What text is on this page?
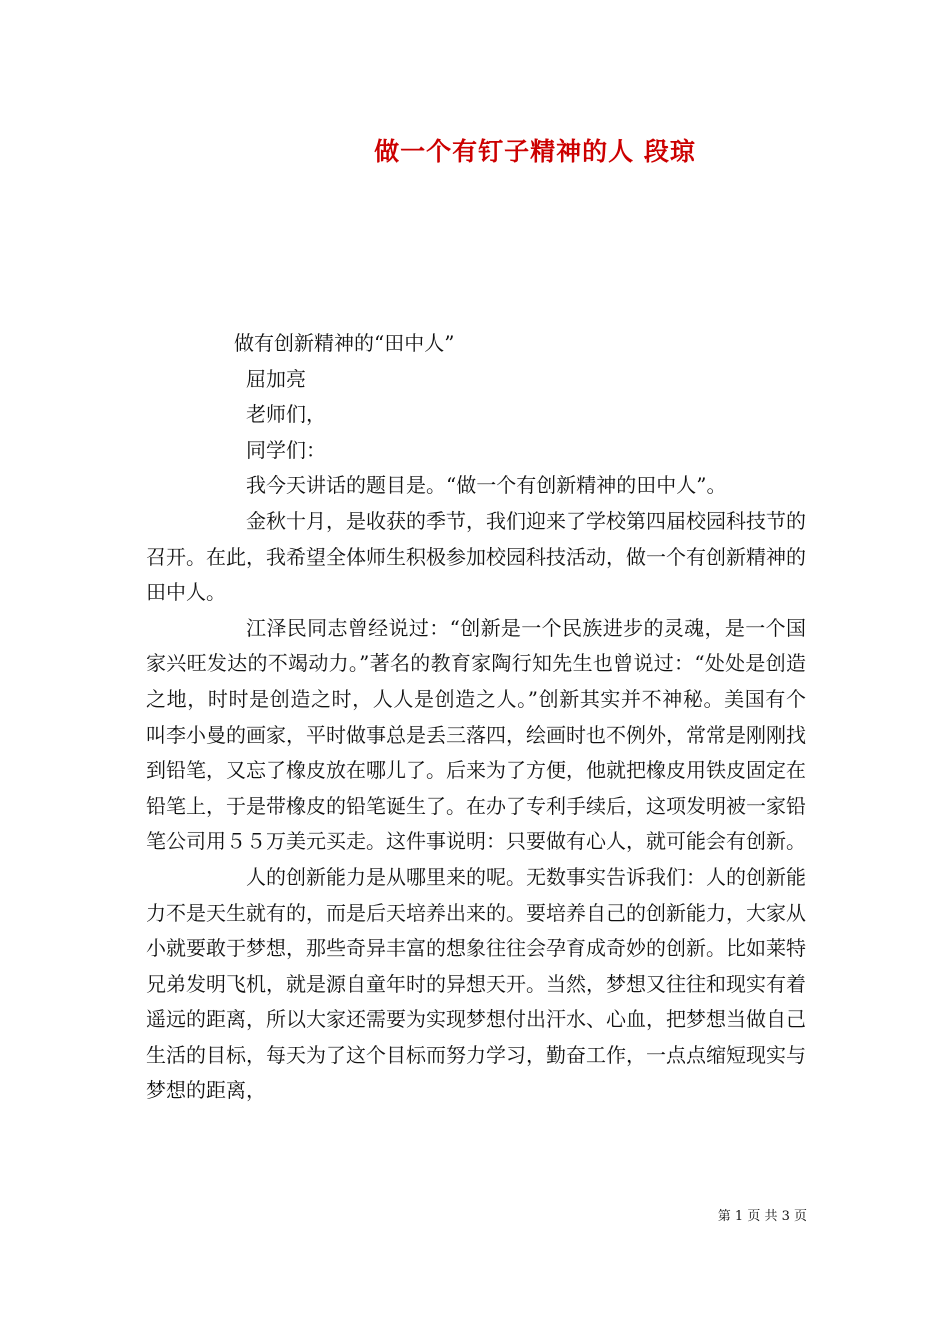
做一个有钉子精神的人 段琼
做有创新精神的“田中人”
屈加亮
老师们，
同学们：
我今天讲话的题目是。“做一个有创新精神的田中人”。
金秋十月，是收获的季节，我们迎来了学校第四届校园科技节的召开。在此，我希望全体师生积极参加校园科技活动，做一个有创新精神的田中人。
江泽民同志曾经说过：“创新是一个民族进步的灵魂，是一个国家兴旺发达的不竭动力。”著名的教育家陶行知先生也曾说过：“处处是创造之地，时时是创造之时，人人是创造之人。”创新其实并不神秘。美国有个叫李小曼的画家，平时做事总是丢三落四，绘画时也不例外，常常是刚刚找到铅笔，又忘了橡皮放在哪儿了。后来为了方便，他就把橡皮用铁皮固定在铅笔上，于是带橡皮的铅笔诞生了。在办了专利手续后，这项发明被一家铅笔公司用５５万美元买走。这件事说明：只要做有心人，就可能会有创新。
人的创新能力是从哪里来的呢。无数事实告诉我们：人的创新能力不是天生就有的，而是后天培养出来的。要培养自己的创新能力，大家从小就要敢于梦想，那些奇异丰富的想象往往会孕育成奇妙的创新。比如莱特兄弟发明飞机，就是源自童年时的异想天开。当然，梦想又往往和现实有着遥远的距离，所以大家还需要为实现梦想付出汗水、心血，把梦想当做自己生活的目标，每天为了这个目标而努力学习，勤奋工作，一点点缩短现实与梦想的距离，
第 1 页 共 3 页
